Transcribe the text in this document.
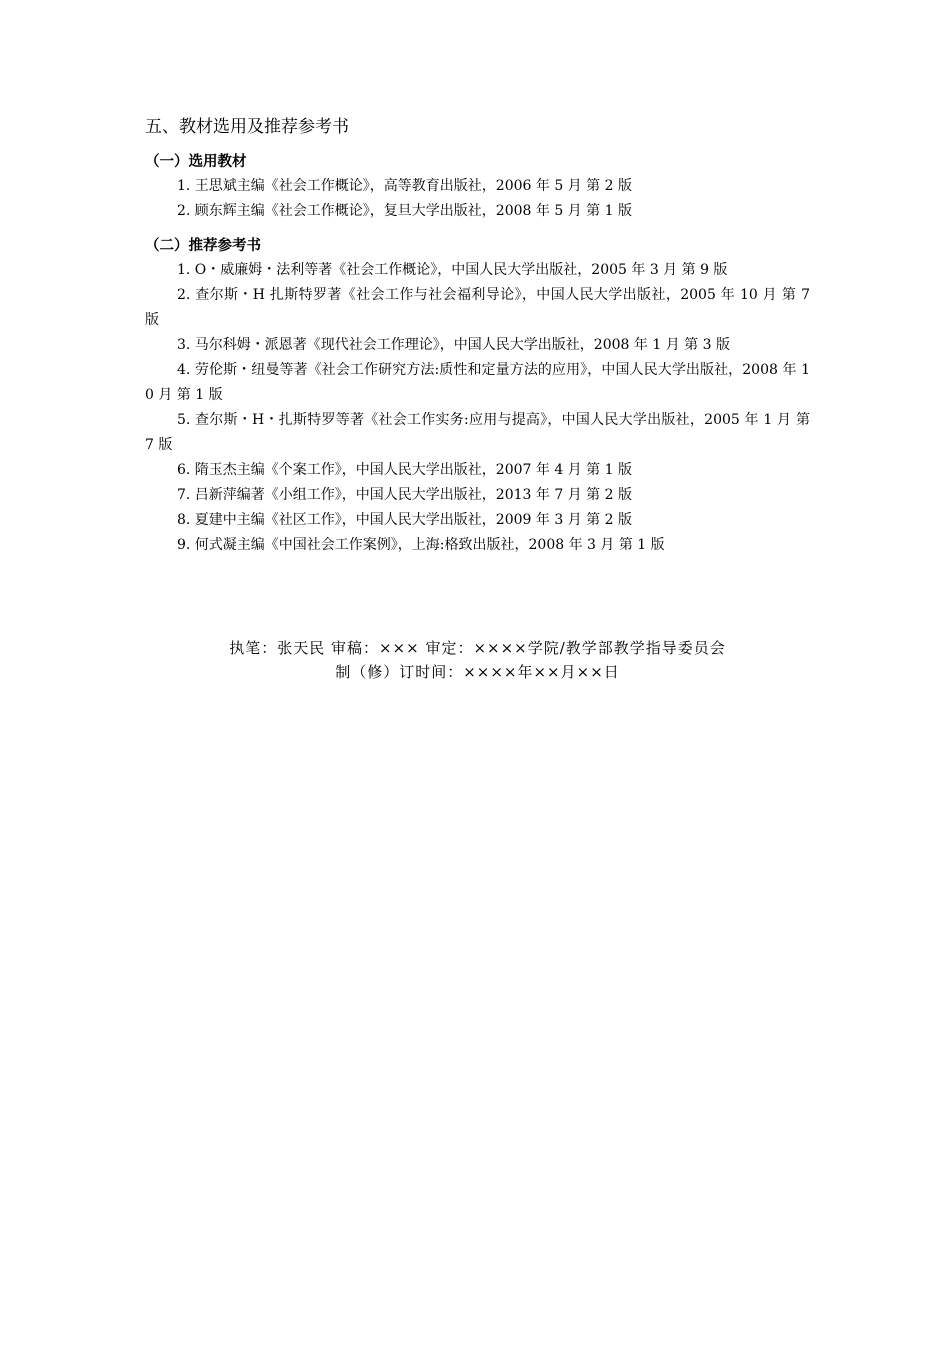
五、教材选用及推荐参考书
（一）选用教材
1. 王思斌主编《社会工作概论》，高等教育出版社，2006 年 5 月 第 2 版
2. 顾东辉主编《社会工作概论》，复旦大学出版社，2008 年 5 月 第 1 版
（二）推荐参考书
1. O・威廉姆・法利等著《社会工作概论》，中国人民大学出版社，2005 年 3 月 第 9 版
2. 查尔斯・H 扎斯特罗著《社会工作与社会福利导论》，中国人民大学出版社，2005 年 10 月 第 7 版
3. 马尔科姆・派恩著《现代社会工作理论》，中国人民大学出版社，2008 年 1 月 第 3 版
4. 劳伦斯・纽曼等著《社会工作研究方法:质性和定量方法的应用》，中国人民大学出版社，2008 年 10 月 第 1 版
5. 查尔斯・H・扎斯特罗等著《社会工作实务:应用与提高》，中国人民大学出版社，2005 年 1 月 第 7 版
6. 隋玉杰主编《个案工作》，中国人民大学出版社，2007 年 4 月 第 1 版
7. 吕新萍编著《小组工作》，中国人民大学出版社，2013 年 7 月 第 2 版
8. 夏建中主编《社区工作》，中国人民大学出版社，2009 年 3 月 第 2 版
9. 何式凝主编《中国社会工作案例》，上海:格致出版社，2008 年 3 月 第 1 版
执笔：张天民 审稿：××× 审定：××××学院/教学部教学指导委员会
制（修）订时间：××××年××月××日
